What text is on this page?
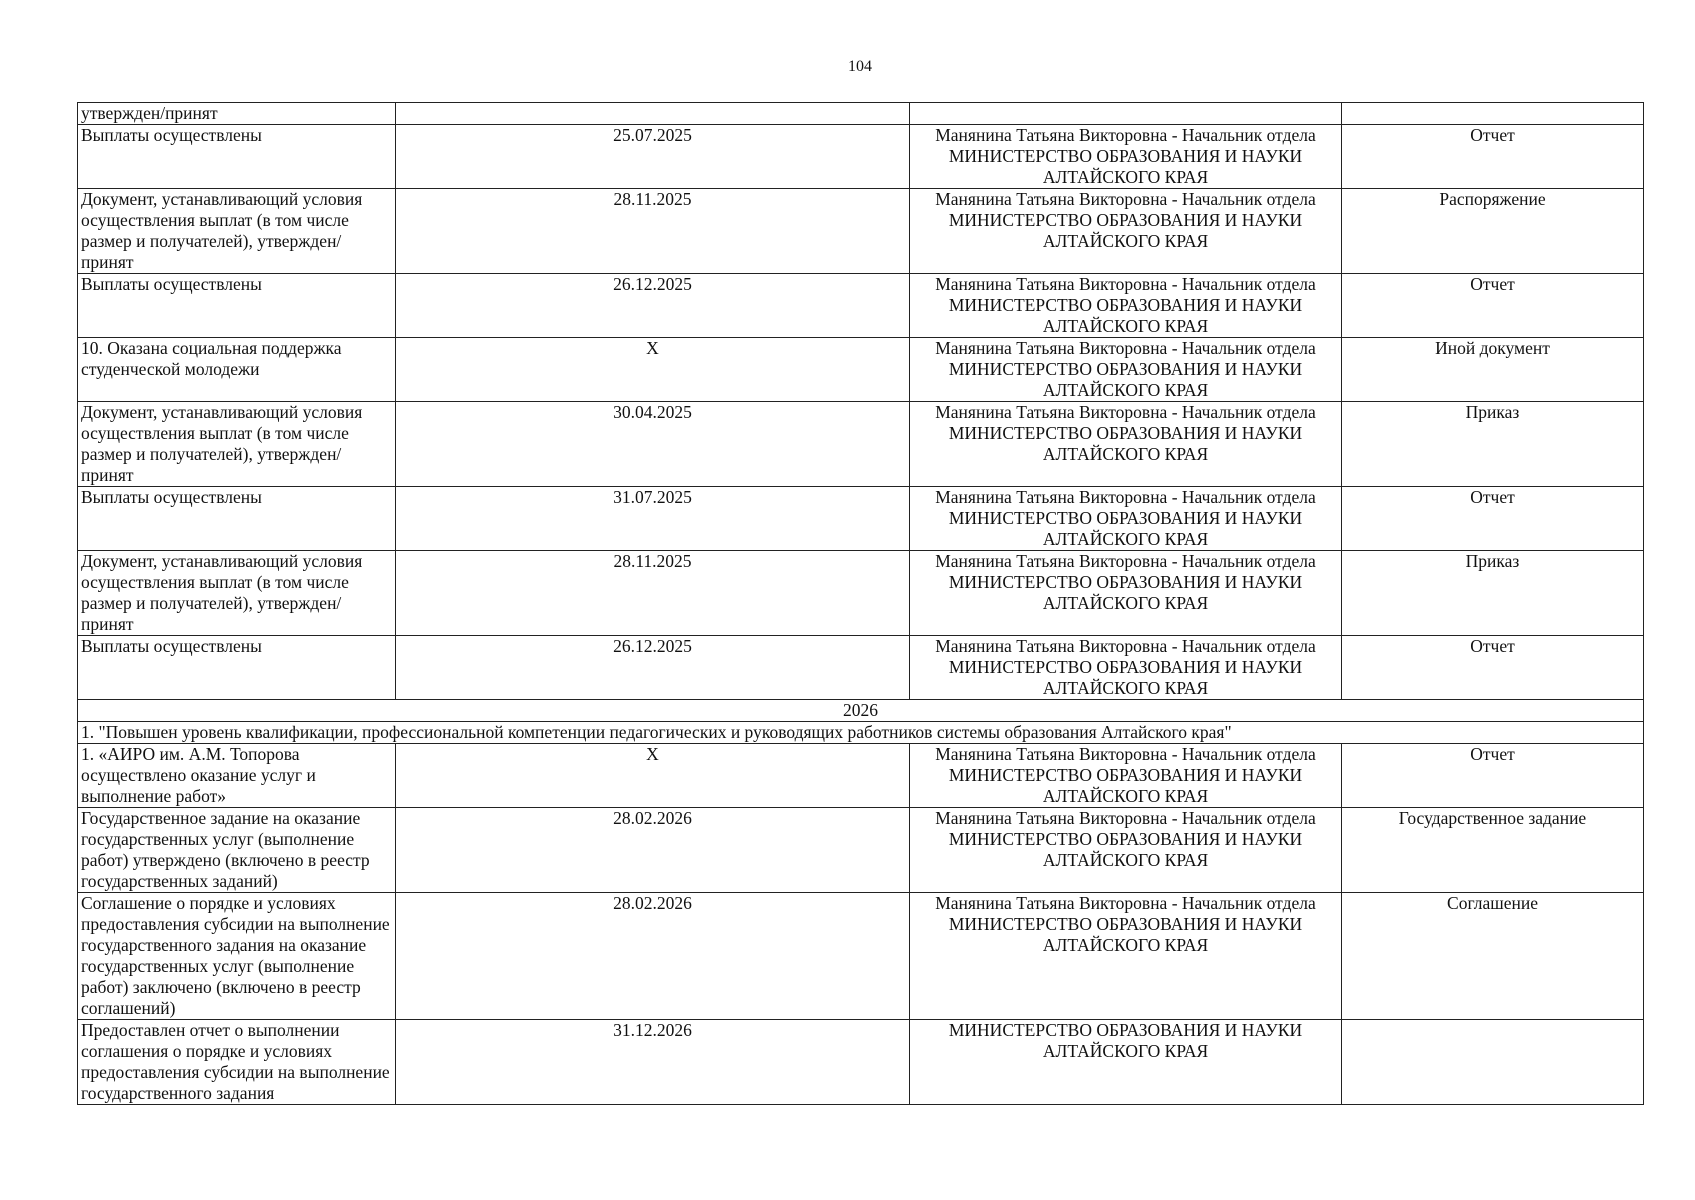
104
утвержден/принят			
Выплаты осуществлены	25.07.2025	Манянина Татьяна Викторовна - Начальник отдела МИНИСТЕРСТВО ОБРАЗОВАНИЯ И НАУКИ АЛТАЙСКОГО КРАЯ	Отчет
Документ, устанавливающий условия осуществления выплат (в том числе размер и получателей), утвержден/принят	28.11.2025	Манянина Татьяна Викторовна - Начальник отдела МИНИСТЕРСТВО ОБРАЗОВАНИЯ И НАУКИ АЛТАЙСКОГО КРАЯ	Распоряжение
Выплаты осуществлены	26.12.2025	Манянина Татьяна Викторовна - Начальник отдела МИНИСТЕРСТВО ОБРАЗОВАНИЯ И НАУКИ АЛТАЙСКОГО КРАЯ	Отчет
10. Оказана социальная поддержка студенческой молодежи	X	Манянина Татьяна Викторовна - Начальник отдела МИНИСТЕРСТВО ОБРАЗОВАНИЯ И НАУКИ АЛТАЙСКОГО КРАЯ	Иной документ
Документ, устанавливающий условия осуществления выплат (в том числе размер и получателей), утвержден/принят	30.04.2025	Манянина Татьяна Викторовна - Начальник отдела МИНИСТЕРСТВО ОБРАЗОВАНИЯ И НАУКИ АЛТАЙСКОГО КРАЯ	Приказ
Выплаты осуществлены	31.07.2025	Манянина Татьяна Викторовна - Начальник отдела МИНИСТЕРСТВО ОБРАЗОВАНИЯ И НАУКИ АЛТАЙСКОГО КРАЯ	Отчет
Документ, устанавливающий условия осуществления выплат (в том числе размер и получателей), утвержден/принят	28.11.2025	Манянина Татьяна Викторовна - Начальник отдела МИНИСТЕРСТВО ОБРАЗОВАНИЯ И НАУКИ АЛТАЙСКОГО КРАЯ	Приказ
Выплаты осуществлены	26.12.2025	Манянина Татьяна Викторовна - Начальник отдела МИНИСТЕРСТВО ОБРАЗОВАНИЯ И НАУКИ АЛТАЙСКОГО КРАЯ	Отчет
2026			
1. "Повышен уровень квалификации, профессиональной компетенции педагогических и руководящих работников системы образования Алтайского края"			
1. «АИРО им. А.М. Топорова осуществлено оказание услуг и выполнение работ»	X	Манянина Татьяна Викторовна - Начальник отдела МИНИСТЕРСТВО ОБРАЗОВАНИЯ И НАУКИ АЛТАЙСКОГО КРАЯ	Отчет
Государственное задание на оказание государственных услуг (выполнение работ) утверждено (включено в реестр государственных заданий)	28.02.2026	Манянина Татьяна Викторовна - Начальник отдела МИНИСТЕРСТВО ОБРАЗОВАНИЯ И НАУКИ АЛТАЙСКОГО КРАЯ	Государственное задание
Соглашение о порядке и условиях предоставления субсидии на выполнение государственного задания на оказание государственных услуг (выполнение работ) заключено (включено в реестр соглашений)	28.02.2026	Манянина Татьяна Викторовна - Начальник отдела МИНИСТЕРСТВО ОБРАЗОВАНИЯ И НАУКИ АЛТАЙСКОГО КРАЯ	Соглашение
Предоставлен отчет о выполнении соглашения о порядке и условиях предоставления субсидии на выполнение государственного задания	31.12.2026	МИНИСТЕРСТВО ОБРАЗОВАНИЯ И НАУКИ АЛТАЙСКОГО КРАЯ	
